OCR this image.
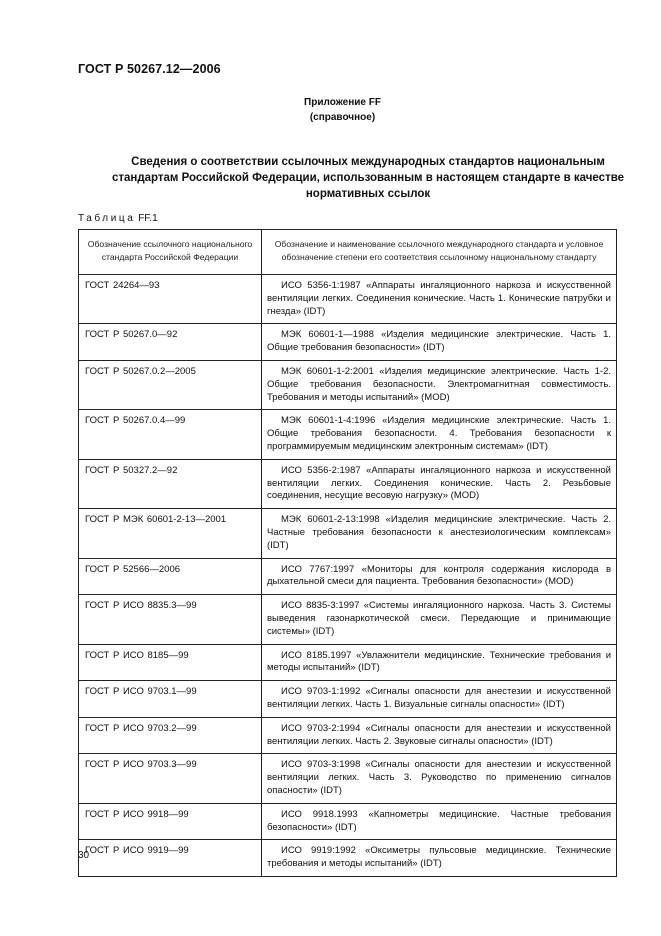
ГОСТ Р 50267.12—2006
Приложение FF
(справочное)
Сведения о соответствии ссылочных международных стандартов национальным стандартам Российской Федерации, использованным в настоящем стандарте в качестве нормативных ссылок
Таблица FF.1
Обозначение ссылочного национального стандарта Российской Федерации	Обозначение и наименование ссылочного международного стандарта и условное обозначение степени его соответствия ссылочному национальному стандарту
ГОСТ 24264—93	ИСО 5356-1:1987 «Аппараты ингаляционного наркоза и искусственной вентиляции легких. Соединения конические. Часть 1. Конические патрубки и гнезда» (IDT)
ГОСТ Р 50267.0—92	МЭК 60601-1—1988 «Изделия медицинские электрические. Часть 1. Общие требования безопасности» (IDT)
ГОСТ Р 50267.0.2—2005	МЭК 60601-1-2:2001 «Изделия медицинские электрические. Часть 1-2. Общие требования безопасности. Электромагнитная совместимость. Требования и методы испытаний» (MOD)
ГОСТ Р 50267.0.4—99	МЭК 60601-1-4:1996 «Изделия медицинские электрические. Часть 1. Общие требования безопасности. 4. Требования безопасности к программируемым медицинским электронным системам» (IDT)
ГОСТ Р 50327.2—92	ИСО 5356-2:1987 «Аппараты ингаляционного наркоза и искусственной вентиляции легких. Соединения конические. Часть 2. Резьбовые соединения, несущие весовую нагрузку» (MOD)
ГОСТ Р МЭК 60601-2-13—2001	МЭК 60601-2-13:1998 «Изделия медицинские электрические. Часть 2. Частные требования безопасности к анестезиологическим комплексам» (IDT)
ГОСТ Р 52566—2006	ИСО 7767:1997 «Мониторы для контроля содержания кислорода в дыхательной смеси для пациента. Требования безопасности» (MOD)
ГОСТ Р ИСО 8835.3—99	ИСО 8835-3:1997 «Системы ингаляционного наркоза. Часть 3. Системы выведения газонаркотической смеси. Передающие и принимающие системы» (IDT)
ГОСТ Р ИСО 8185—99	ИСО 8185.1997 «Увлажнители медицинские. Технические требования и методы испытаний» (IDT)
ГОСТ Р ИСО 9703.1—99	ИСО 9703-1:1992 «Сигналы опасности для анестезии и искусственной вентиляции легких. Часть 1. Визуальные сигналы опасности» (IDT)
ГОСТ Р ИСО 9703.2—99	ИСО 9703-2:1994 «Сигналы опасности для анестезии и искусственной вентиляции легких. Часть 2. Звуковые сигналы опасности» (IDT)
ГОСТ Р ИСО 9703.3—99	ИСО 9703-3:1998 «Сигналы опасности для анестезии и искусственной вентиляции легких. Часть 3. Руководство по применению сигналов опасности» (IDT)
ГОСТ Р ИСО 9918—99	ИСО 9918.1993 «Капнометры медицинские. Частные требования безопасности» (IDT)
ГОСТ Р ИСО 9919—99	ИСО 9919:1992 «Оксиметры пульсовые медицинские. Технические требования и методы испытаний» (IDT)
30
